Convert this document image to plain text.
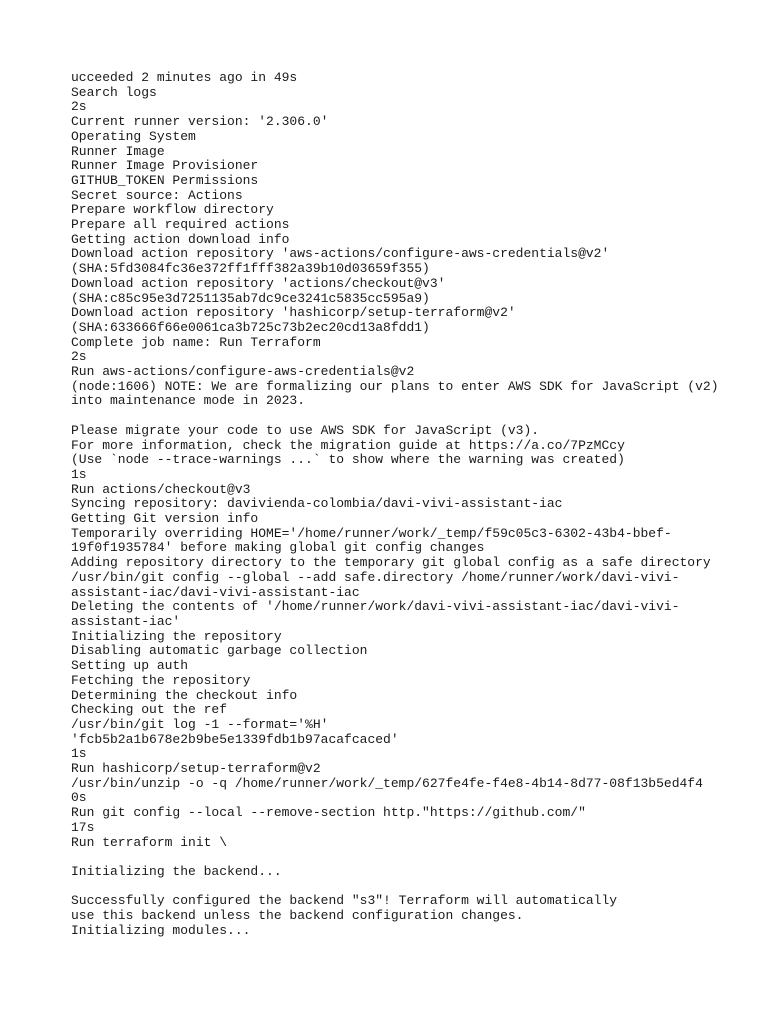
ucceeded 2 minutes ago in 49s
Search logs
2s
Current runner version: '2.306.0'
Operating System
Runner Image
Runner Image Provisioner
GITHUB_TOKEN Permissions
Secret source: Actions
Prepare workflow directory
Prepare all required actions
Getting action download info
Download action repository 'aws-actions/configure-aws-credentials@v2'
(SHA:5fd3084fc36e372ff1fff382a39b10d03659f355)
Download action repository 'actions/checkout@v3'
(SHA:c85c95e3d7251135ab7dc9ce3241c5835cc595a9)
Download action repository 'hashicorp/setup-terraform@v2'
(SHA:633666f66e0061ca3b725c73b2ec20cd13a8fdd1)
Complete job name: Run Terraform
2s
Run aws-actions/configure-aws-credentials@v2
(node:1606) NOTE: We are formalizing our plans to enter AWS SDK for JavaScript (v2)
into maintenance mode in 2023.
Please migrate your code to use AWS SDK for JavaScript (v3).
For more information, check the migration guide at https://a.co/7PzMCcy
(Use `node --trace-warnings ...` to show where the warning was created)
1s
Run actions/checkout@v3
Syncing repository: davivienda-colombia/davi-vivi-assistant-iac
Getting Git version info
Temporarily overriding HOME='/home/runner/work/_temp/f59c05c3-6302-43b4-bbef-
19f0f1935784' before making global git config changes
Adding repository directory to the temporary git global config as a safe directory
/usr/bin/git config --global --add safe.directory /home/runner/work/davi-vivi-
assistant-iac/davi-vivi-assistant-iac
Deleting the contents of '/home/runner/work/davi-vivi-assistant-iac/davi-vivi-
assistant-iac'
Initializing the repository
Disabling automatic garbage collection
Setting up auth
Fetching the repository
Determining the checkout info
Checking out the ref
/usr/bin/git log -1 --format='%H'
'fcb5b2a1b678e2b9be5e1339fdb1b97acafcaced'
1s
Run hashicorp/setup-terraform@v2
/usr/bin/unzip -o -q /home/runner/work/_temp/627fe4fe-f4e8-4b14-8d77-08f13b5ed4f4
0s
Run git config --local --remove-section http."https://github.com/"
17s
Run terraform init \
Initializing the backend...
Successfully configured the backend "s3"! Terraform will automatically
use this backend unless the backend configuration changes.
Initializing modules...
